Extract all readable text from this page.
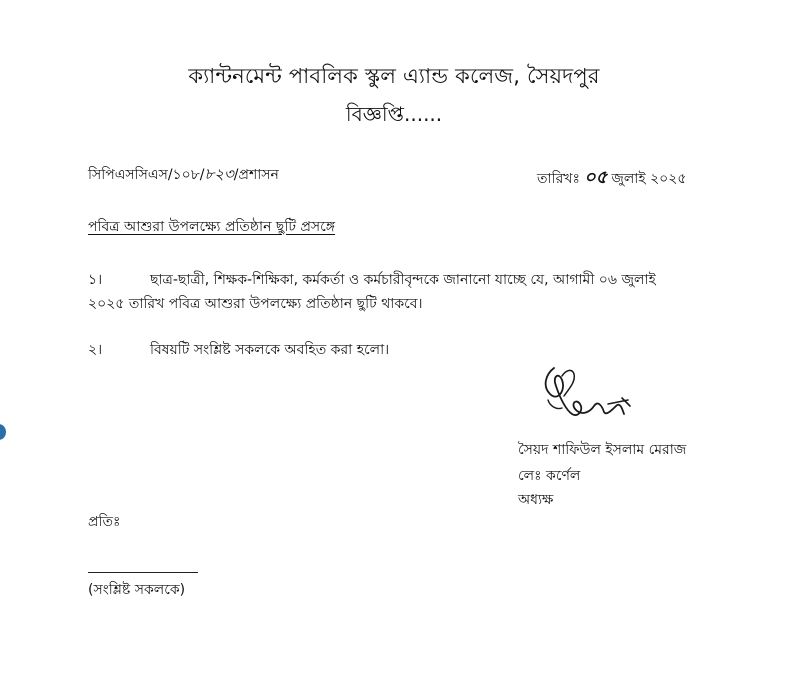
ক্যান্টনমেন্ট পাবলিক স্কুল এ্যান্ড কলেজ, সৈয়দপুর
বিজ্ঞপ্তি......
সিপিএসসিএস/১০৮/৮২৩/প্রশাসন	তারিখঃ ০৫ জুলাই ২০২৫
পবিত্র আশুরা উপলক্ষ্যে প্রতিষ্ঠান ছুটি প্রসঙ্গে
১।	ছাত্র-ছাত্রী, শিক্ষক-শিক্ষিকা, কর্মকর্তা ও কর্মচারীবৃন্দকে জানানো যাচ্ছে যে, আগামী ০৬ জুলাই
২০২৫ তারিখ পবিত্র আশুরা উপলক্ষ্যে প্রতিষ্ঠান ছুটি থাকবে।
২।	বিষয়টি সংশ্লিষ্ট সকলকে অবহিত করা হলো।
সৈয়দ শাফিউল ইসলাম মেরাজ
লেঃ কর্ণেল
অধ্যক্ষ
প্রতিঃ
(সংশ্লিষ্ট সকলকে)
